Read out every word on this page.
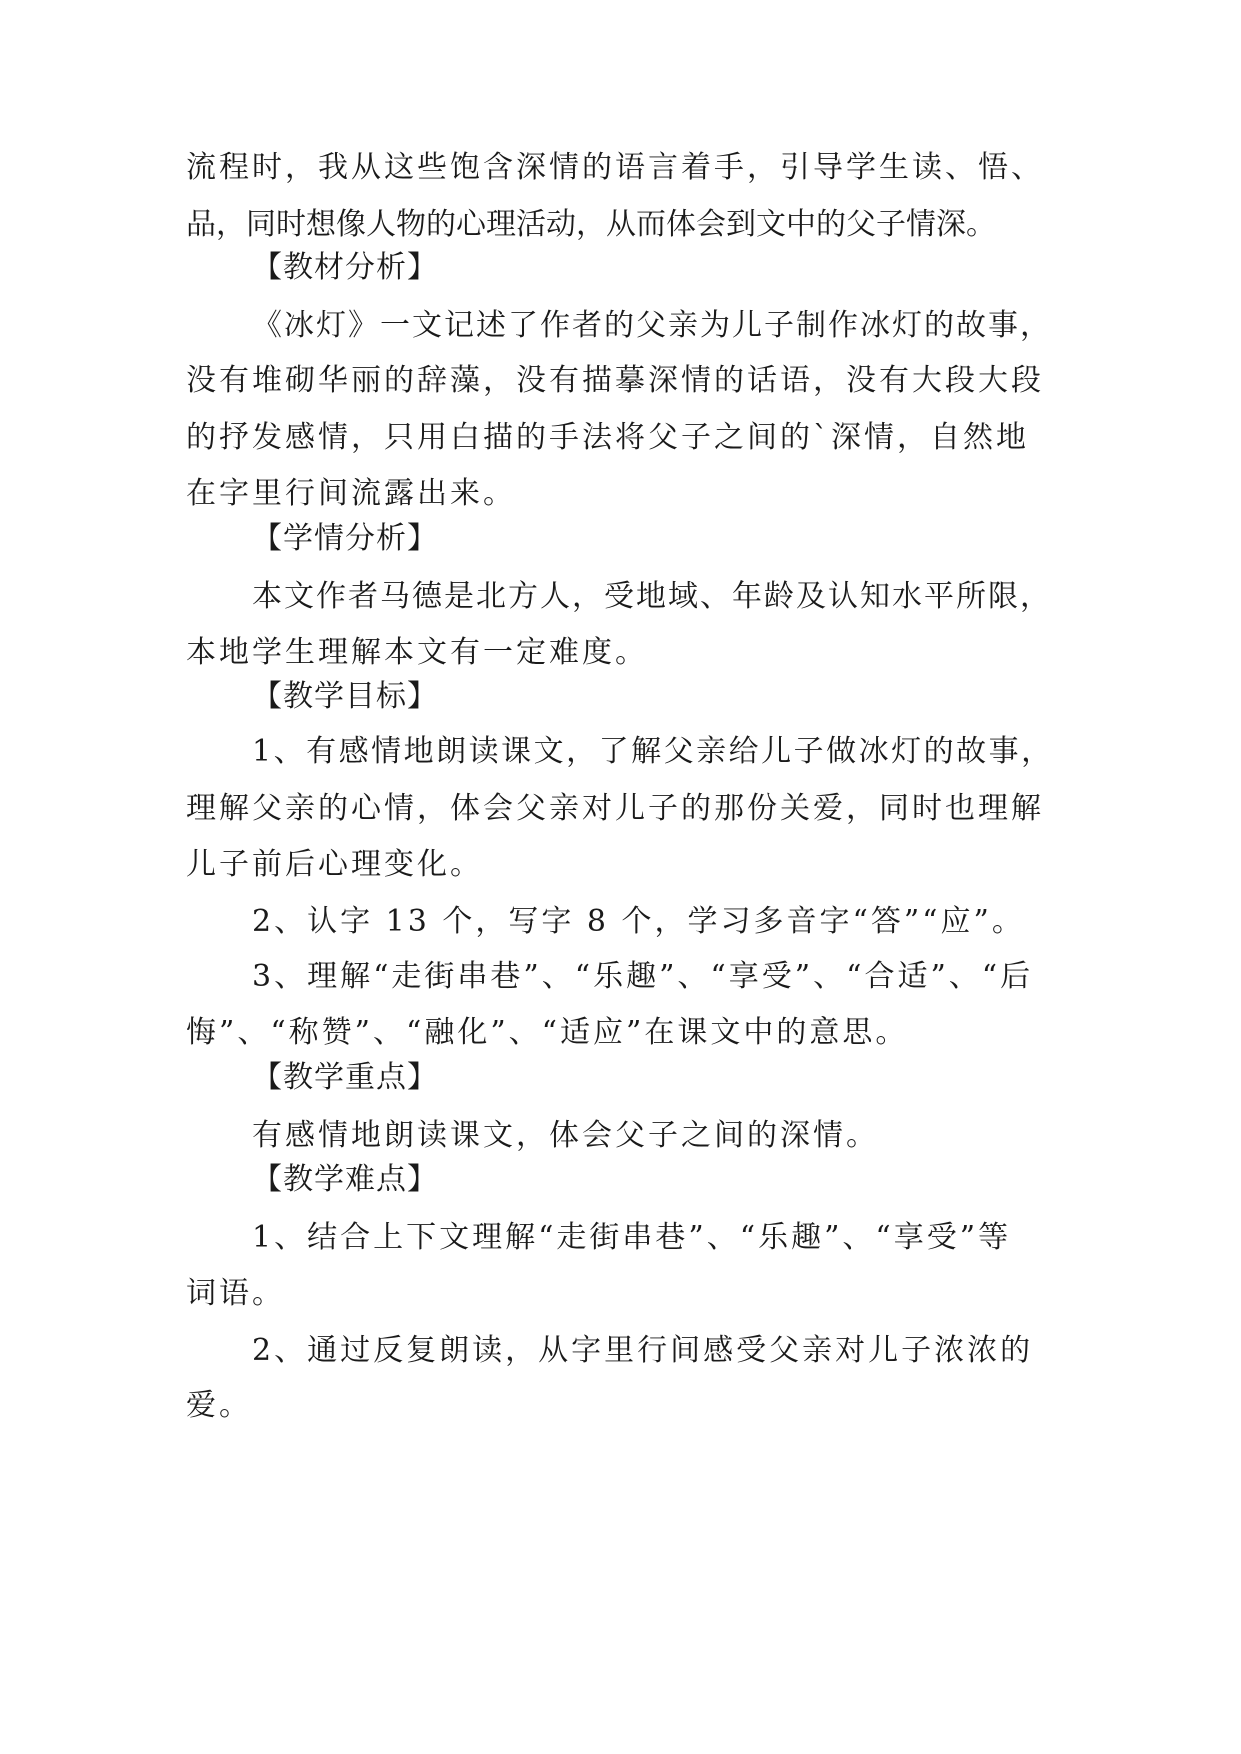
流程时，我从这些饱含深情的语言着手，引导学生读、悟、
品，同时想像人物的心理活动，从而体会到文中的父子情深。
【教材分析】
《冰灯》一文记述了作者的父亲为儿子制作冰灯的故事，
没有堆砌华丽的辞藻，没有描摹深情的话语，没有大段大段
的抒发感情，只用白描的手法将父子之间的`深情，自然地
在字里行间流露出来。
【学情分析】
本文作者马德是北方人，受地域、年龄及认知水平所限，
本地学生理解本文有一定难度。
【教学目标】
1、有感情地朗读课文，了解父亲给儿子做冰灯的故事，
理解父亲的心情，体会父亲对儿子的那份关爱，同时也理解
儿子前后心理变化。
2、认字 13 个，写字 8 个，学习多音字“答”“应”。
3、理解“走街串巷”、“乐趣”、“享受”、“合适”、“后
悔”、“称赞”、“融化”、“适应”在课文中的意思。
【教学重点】
有感情地朗读课文，体会父子之间的深情。
【教学难点】
1、结合上下文理解“走街串巷”、“乐趣”、“享受”等
词语。
2、通过反复朗读，从字里行间感受父亲对儿子浓浓的
爱。
